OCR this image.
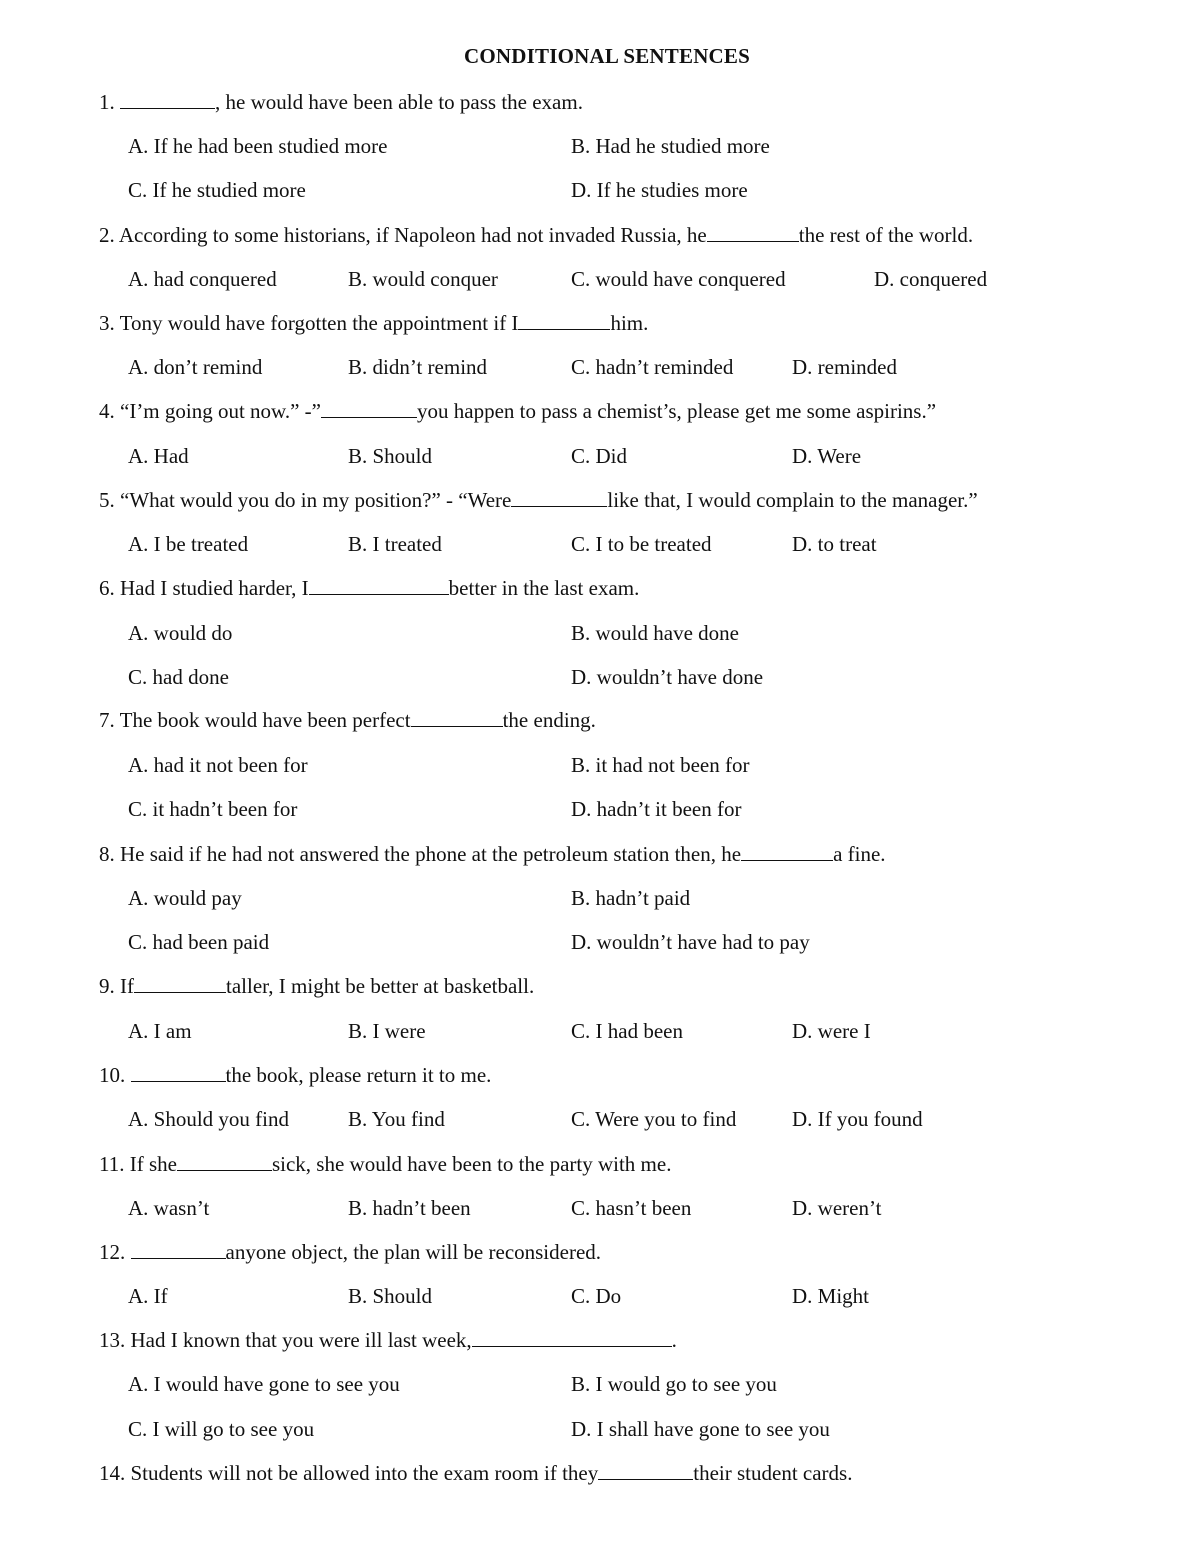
CONDITIONAL SENTENCES
1.	, he would have been able to pass the exam.
A. If he had been studied more	B. Had he studied more
C. If he studied more	D. If he studies more
2. According to some historians, if Napoleon had not invaded Russia, he	the rest of the world.
A. had conquered	B. would conquer	C. would have conquered	D. conquered
3. Tony would have forgotten the appointment if I	him.
A. don’t remind	B. didn’t remind	C. hadn’t reminded	D. reminded
4. “I’m going out now.” -”	you happen to pass a chemist’s, please get me some aspirins.”
A. Had	B. Should	C. Did	D. Were
5. “What would you do in my position?” - “Were	like that, I would complain to the manager.”
A. I be treated	B. I treated	C. I to be treated	D. to treat
6. Had I studied harder, I	better in the last exam.
A. would do	B. would have done
C. had done	D. wouldn’t have done
7. The book would have been perfect	the ending.
A. had it not been for	B. it had not been for
C. it hadn’t been for	D. hadn’t it been for
8. He said if he had not answered the phone at the petroleum station then, he	a fine.
A. would pay	B. hadn’t paid
C. had been paid	D. wouldn’t have had to pay
9. If	taller, I might be better at basketball.
A. I am	B. I were	C. I had been	D. were I
10.	the book, please return it to me.
A. Should you find	B. You find	C. Were you to find	D. If you found
11. If she	sick, she would have been to the party with me.
A. wasn’t	B. hadn’t been	C. hasn’t been	D. weren’t
12.	anyone object, the plan will be reconsidered.
A. If	B. Should	C. Do	D. Might
13. Had I known that you were ill last week,	.
A. I would have gone to see you	B. I would go to see you
C. I will go to see you	D. I shall have gone to see you
14. Students will not be allowed into the exam room if they	their student cards.
